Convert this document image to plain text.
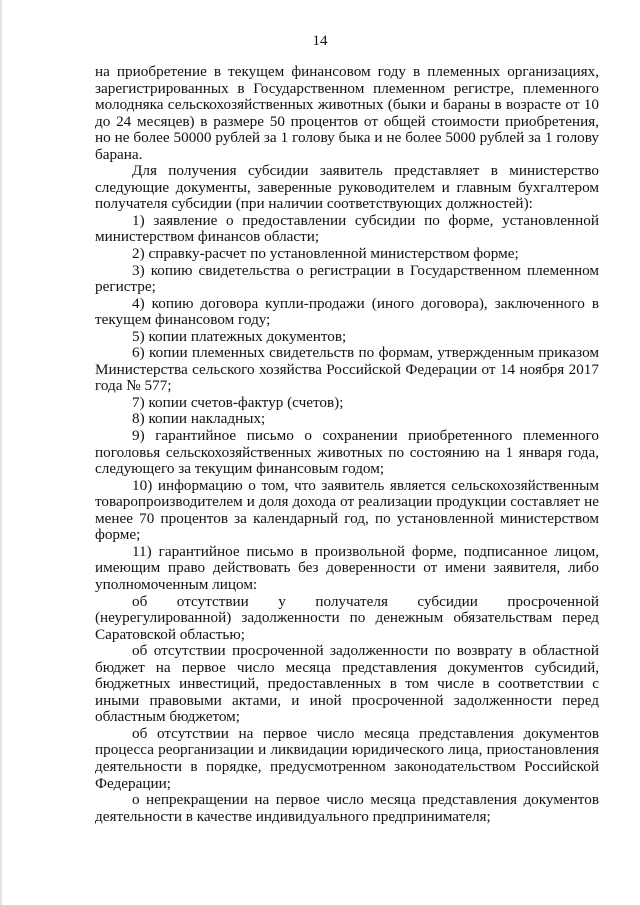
14

на приобретение в текущем финансовом году в племенных организациях, зарегистрированных в Государственном племенном регистре, племенного молодняка сельскохозяйственных животных (быки и бараны в возрасте от 10 до 24 месяцев) в размере 50 процентов от общей стоимости приобретения, но не более 50000 рублей за 1 голову быка и не более 5000 рублей за 1 голову барана.

Для получения субсидии заявитель представляет в министерство следующие документы, заверенные руководителем и главным бухгалтером получателя субсидии (при наличии соответствующих должностей):

1) заявление о предоставлении субсидии по форме, установленной министерством финансов области;

2) справку-расчет по установленной министерством форме;

3) копию свидетельства о регистрации в Государственном племенном регистре;

4) копию договора купли-продажи (иного договора), заключенного в текущем финансовом году;

5) копии платежных документов;

6) копии племенных свидетельств по формам, утвержденным приказом Министерства сельского хозяйства Российской Федерации от 14 ноября 2017 года № 577;

7) копии счетов-фактур (счетов);

8) копии накладных;

9) гарантийное письмо о сохранении приобретенного племенного поголовья сельскохозяйственных животных по состоянию на 1 января года, следующего за текущим финансовым годом;

10) информацию о том, что заявитель является сельскохозяйственным товаропроизводителем и доля дохода от реализации продукции составляет не менее 70 процентов за календарный год, по установленной министерством форме;

11) гарантийное письмо в произвольной форме, подписанное лицом, имеющим право действовать без доверенности от имени заявителя, либо уполномоченным лицом:

об отсутствии у получателя субсидии просроченной (неурегулированной) задолженности по денежным обязательствам перед Саратовской областью;

об отсутствии просроченной задолженности по возврату в областной бюджет на первое число месяца представления документов субсидий, бюджетных инвестиций, предоставленных в том числе в соответствии с иными правовыми актами, и иной просроченной задолженности перед областным бюджетом;

об отсутствии на первое число месяца представления документов процесса реорганизации и ликвидации юридического лица, приостановления деятельности в порядке, предусмотренном законодательством Российской Федерации;

о непрекращении на первое число месяца представления документов деятельности в качестве индивидуального предпринимателя;
